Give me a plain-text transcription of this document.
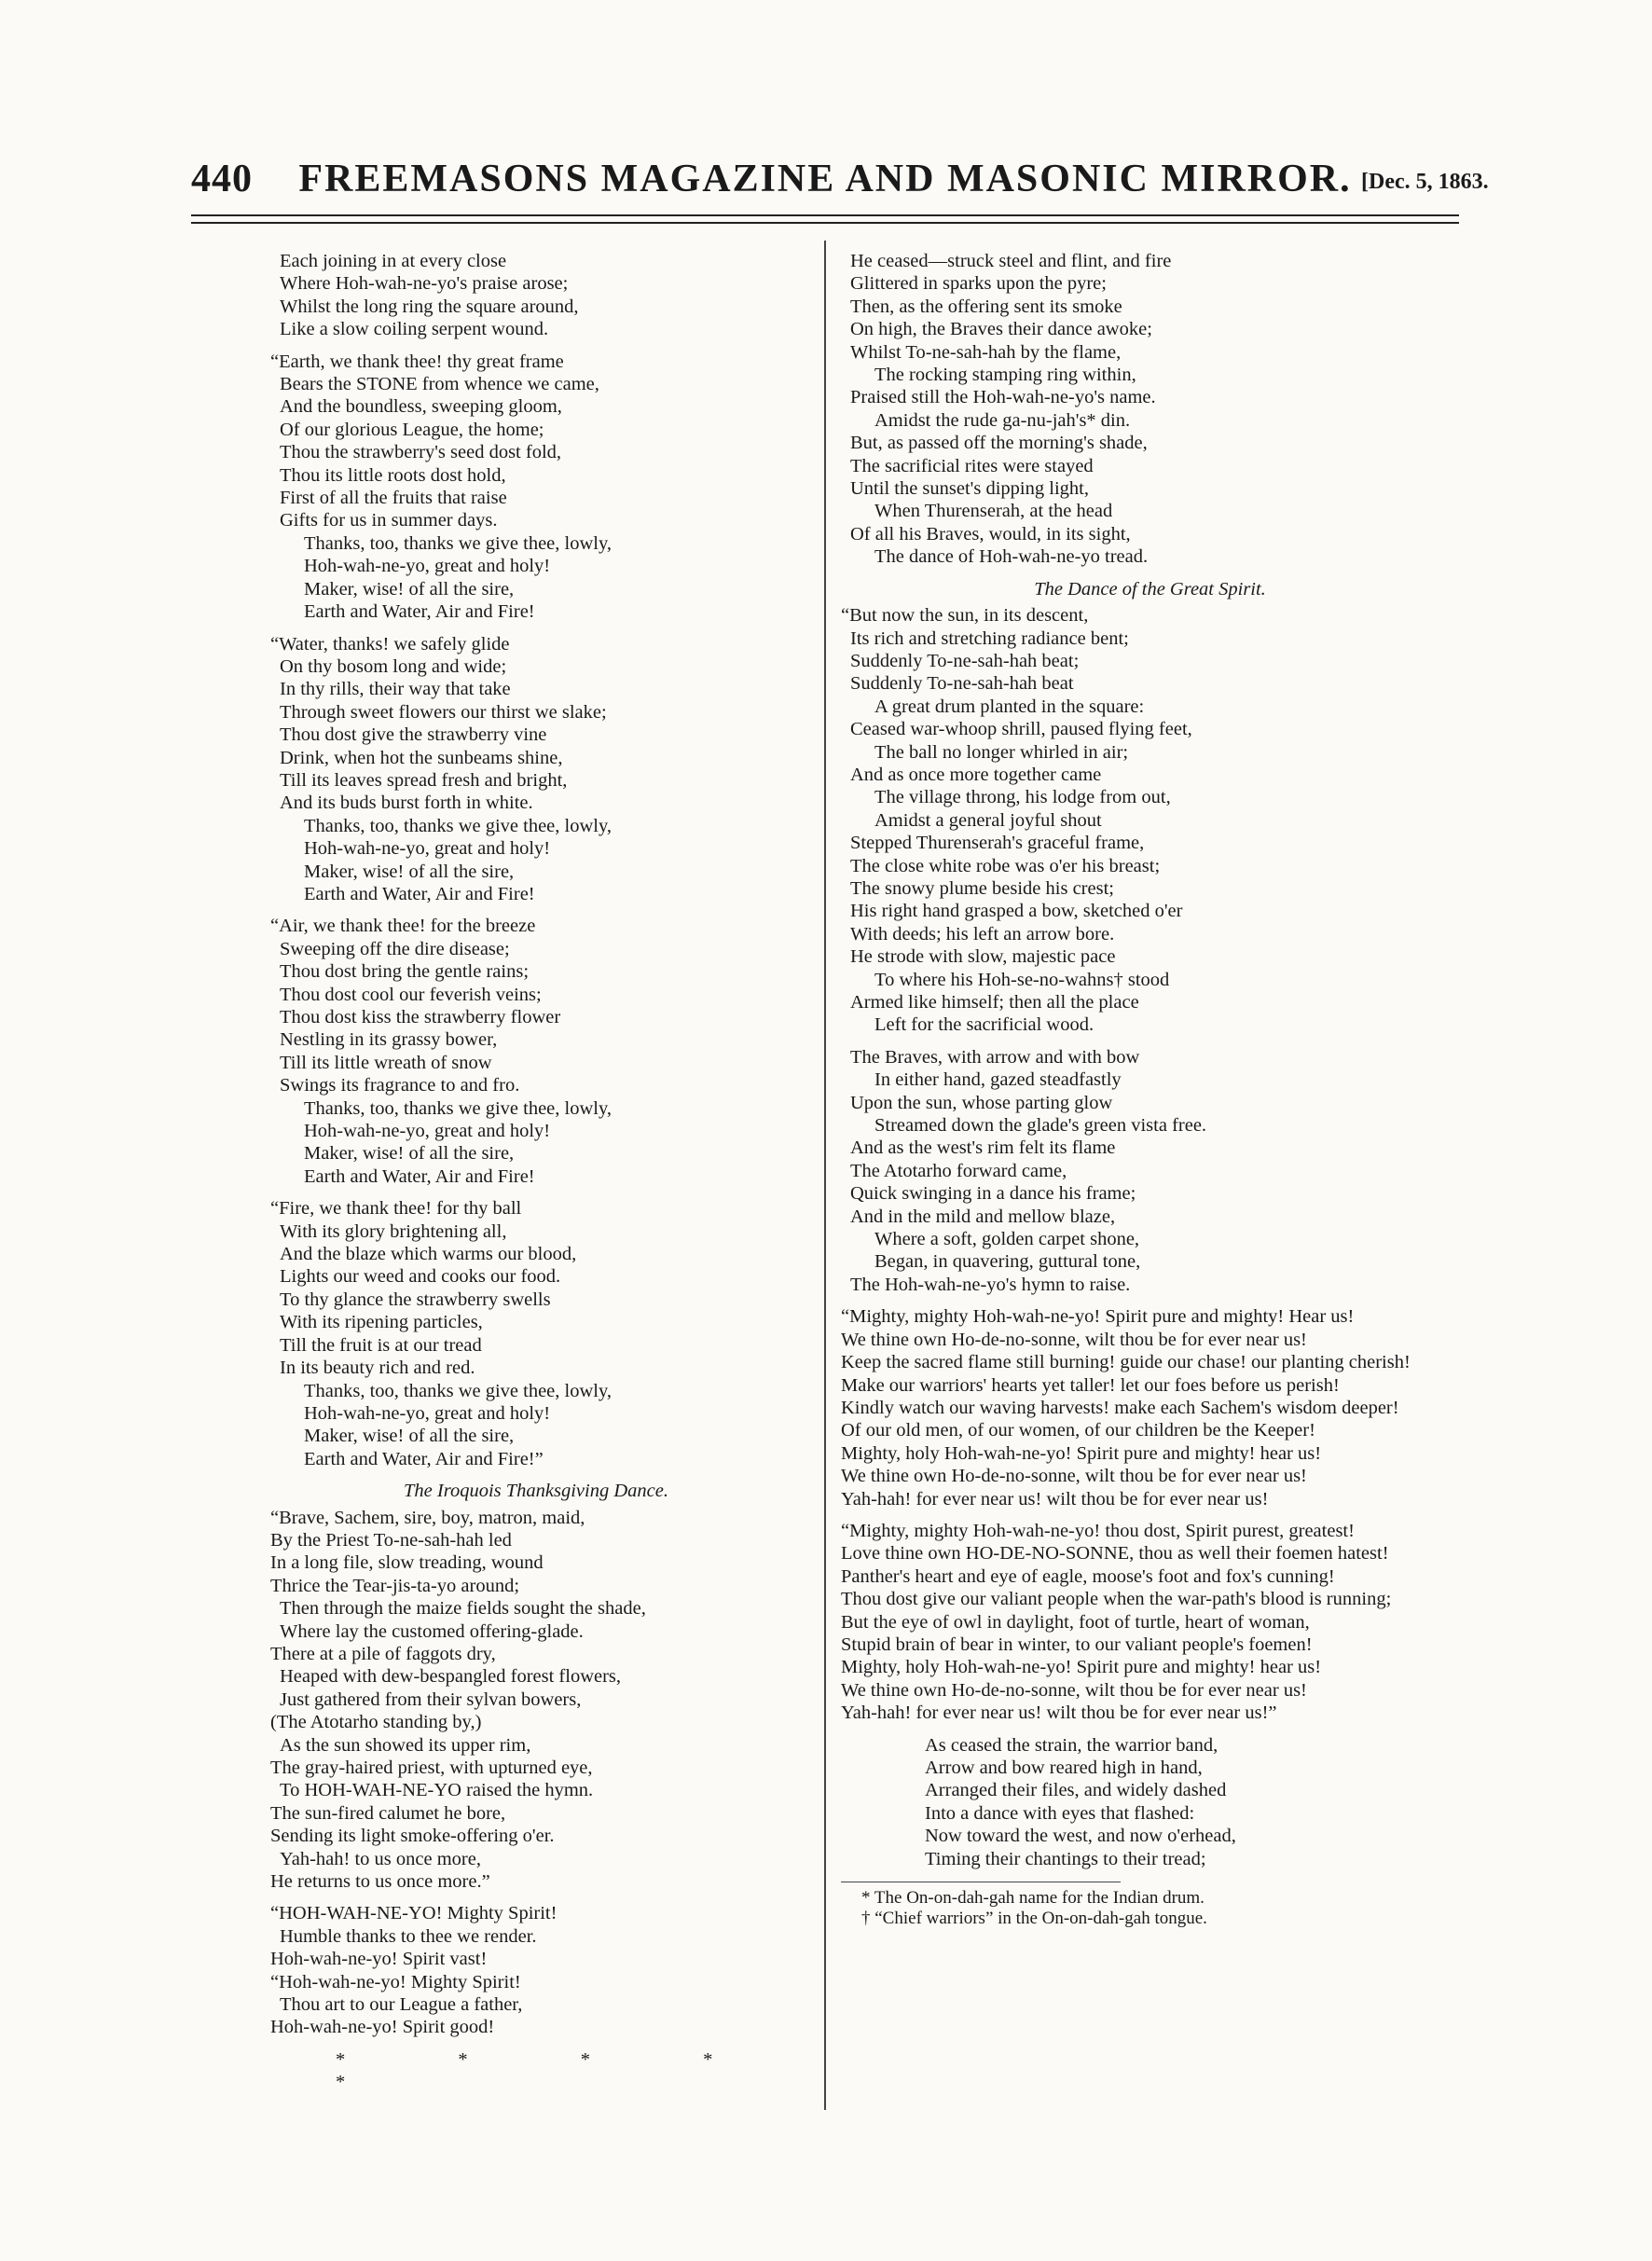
440	FREEMASONS MAGAZINE AND MASONIC MIRROR. [Dec. 5, 1863.
Each joining in at every close
Where Hoh-wah-ne-yo's praise arose;
Whilst the long ring the square around,
Like a slow coiling serpent wound.
“Earth, we thank thee! thy great frame
Bears the STONE from whence we came,
And the boundless, sweeping gloom,
Of our glorious League, the home;
Thou the strawberry's seed dost fold,
Thou its little roots dost hold,
First of all the fruits that raise
Gifts for us in summer days.
Thanks, too, thanks we give thee, lowly,
Hoh-wah-ne-yo, great and holy!
Maker, wise! of all the sire,
Earth and Water, Air and Fire!
“Water, thanks! we safely glide
On thy bosom long and wide;
In thy rills, their way that take
Through sweet flowers our thirst we slake;
Thou dost give the strawberry vine
Drink, when hot the sunbeams shine,
Till its leaves spread fresh and bright,
And its buds burst forth in white.
Thanks, too, thanks we give thee, lowly,
Hoh-wah-ne-yo, great and holy!
Maker, wise! of all the sire,
Earth and Water, Air and Fire!
“Air, we thank thee! for the breeze
Sweeping off the dire disease;
Thou dost bring the gentle rains;
Thou dost cool our feverish veins;
Thou dost kiss the strawberry flower
Nestling in its grassy bower,
Till its little wreath of snow
Swings its fragrance to and fro.
Thanks, too, thanks we give thee, lowly,
Hoh-wah-ne-yo, great and holy!
Maker, wise! of all the sire,
Earth and Water, Air and Fire!
“Fire, we thank thee! for thy ball
With its glory brightening all,
And the blaze which warms our blood,
Lights our weed and cooks our food.
To thy glance the strawberry swells
With its ripening particles,
Till the fruit is at our tread
In its beauty rich and red.
Thanks, too, thanks we give thee, lowly,
Hoh-wah-ne-yo, great and holy!
Maker, wise! of all the sire,
Earth and Water, Air and Fire!”
The Iroquois Thanksgiving Dance.
“Brave, Sachem, sire, boy, matron, maid,
By the Priest To-ne-sah-hah led
In a long file, slow treading, wound
Thrice the Tear-jis-ta-yo around;
Then through the maize fields sought the shade,
Where lay the customed offering-glade.
There at a pile of faggots dry,
Heaped with dew-bespangled forest flowers,
Just gathered from their sylvan bowers,
(The Atotarho standing by,)
As the sun showed its upper rim,
The gray-haired priest, with upturned eye,
To HOH-WAH-NE-YO raised the hymn.
The sun-fired calumet he bore,
Sending its light smoke-offering o'er.
Yah-hah! to us once more,
He returns to us once more.”
“HOH-WAH-NE-YO! Mighty Spirit!
Humble thanks to thee we render.
Hoh-wah-ne-yo! Spirit vast!
“Hoh-wah-ne-yo! Mighty Spirit!
Thou art to our League a father,
Hoh-wah-ne-yo! Spirit good!
* * * * *
He ceased—struck steel and flint, and fire
Glittered in sparks upon the pyre;
Then, as the offering sent its smoke
On high, the Braves their dance awoke;
Whilst To-ne-sah-hah by the flame,
The rocking stamping ring within,
Praised still the Hoh-wah-ne-yo's name.
Amidst the rude ga-nu-jah's* din.
But, as passed off the morning's shade,
The sacrificial rites were stayed
Until the sunset's dipping light,
When Thurenserah, at the head
Of all his Braves, would, in its sight,
The dance of Hoh-wah-ne-yo tread.
The Dance of the Great Spirit.
“But now the sun, in its descent,
Its rich and stretching radiance bent;
Suddenly To-ne-sah-hah beat;
Suddenly To-ne-sah-hah beat
A great drum planted in the square:
Ceased war-whoop shrill, paused flying feet,
The ball no longer whirled in air;
And as once more together came
The village throng, his lodge from out,
Amidst a general joyful shout
Stepped Thurenserah's graceful frame,
The close white robe was o'er his breast;
The snowy plume beside his crest;
His right hand grasped a bow, sketched o'er
With deeds; his left an arrow bore.
He strode with slow, majestic pace
To where his Hoh-se-no-wahns† stood
Armed like himself; then all the place
Left for the sacrificial wood.
The Braves, with arrow and with bow
In either hand, gazed steadfastly
Upon the sun, whose parting glow
Streamed down the glade's green vista free.
And as the west's rim felt its flame
The Atotarho forward came,
Quick swinging in a dance his frame;
And in the mild and mellow blaze,
Where a soft, golden carpet shone,
Began, in quavering, guttural tone,
The Hoh-wah-ne-yo's hymn to raise.
“Mighty, mighty Hoh-wah-ne-yo! Spirit pure and mighty! Hear us!
We thine own Ho-de-no-sonne, wilt thou be for ever near us!
Keep the sacred flame still burning! guide our chase! our planting cherish!
Make our warriors' hearts yet taller! let our foes before us perish!
Kindly watch our waving harvests! make each Sachem's wisdom deeper!
Of our old men, of our women, of our children be the Keeper!
Mighty, holy Hoh-wah-ne-yo! Spirit pure and mighty! hear us!
We thine own Ho-de-no-sonne, wilt thou be for ever near us!
Yah-hah! for ever near us! wilt thou be for ever near us!
“Mighty, mighty Hoh-wah-ne-yo! thou dost, Spirit purest, greatest!
Love thine own HO-DE-NO-SONNE, thou as well their foemen hatest!
Panther's heart and eye of eagle, moose's foot and fox's cunning!
Thou dost give our valiant people when the war-path's blood is running;
But the eye of owl in daylight, foot of turtle, heart of woman,
Stupid brain of bear in winter, to our valiant people's foemen!
Mighty, holy Hoh-wah-ne-yo! Spirit pure and mighty! hear us!
We thine own Ho-de-no-sonne, wilt thou be for ever near us!
Yah-hah! for ever near us! wilt thou be for ever near us!”
As ceased the strain, the warrior band,
Arrow and bow reared high in hand,
Arranged their files, and widely dashed
Into a dance with eyes that flashed:
Now toward the west, and now o'erhead,
Timing their chantings to their tread;
* The On-on-dah-gah name for the Indian drum.
† “Chief warriors” in the On-on-dah-gah tongue.
